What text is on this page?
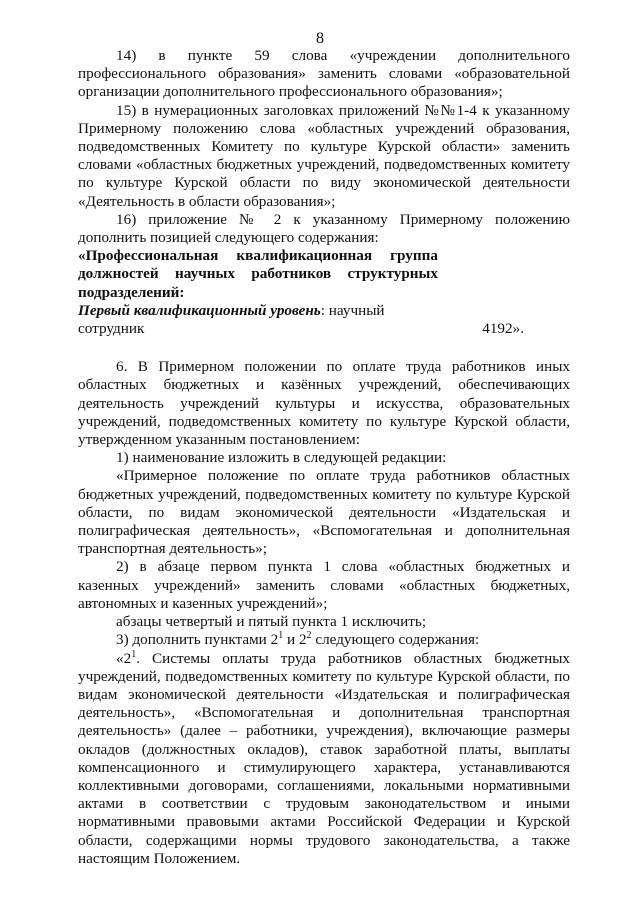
8

14) в пункте 59 слова «учреждении дополнительного профессионального образования» заменить словами «образовательной организации дополнительного профессионального образования»;

15) в нумерационных заголовках приложений №№1-4 к указанному Примерному положению слова «областных учреждений образования, подведомственных Комитету по культуре Курской области» заменить словами «областных бюджетных учреждений, подведомственных комитету по культуре Курской области по виду экономической деятельности «Деятельность в области образования»;

16) приложение № 2 к указанному Примерному положению дополнить позицией следующего содержания:

«Профессиональная квалификационная группа

должностей научных работников структурных

подразделений:

Первый квалификационный уровень: научный

сотрудник	4192».

6. В Примерном положении по оплате труда работников иных областных бюджетных и казённых учреждений, обеспечивающих деятельность учреждений культуры и искусства, образовательных учреждений, подведомственных комитету по культуре Курской области, утвержденном указанным постановлением:

1) наименование изложить в следующей редакции:

«Примерное положение по оплате труда работников областных бюджетных учреждений, подведомственных комитету по культуре Курской области, по видам экономической деятельности «Издательская и полиграфическая деятельность», «Вспомогательная и дополнительная транспортная деятельность»;

2) в абзаце первом пункта 1 слова «областных бюджетных и казенных учреждений» заменить словами «областных бюджетных, автономных и казенных учреждений»;

абзацы четвертый и пятый пункта 1 исключить;

3) дополнить пунктами $2^1$ и $2^2$ следующего содержания:

«$2^1$. Системы оплаты труда работников областных бюджетных учреждений, подведомственных комитету по культуре Курской области, по видам экономической деятельности «Издательская и полиграфическая деятельность», «Вспомогательная и дополнительная транспортная деятельность» (далее – работники, учреждения), включающие размеры окладов (должностных окладов), ставок заработной платы, выплаты компенсационного и стимулирующего характера, устанавливаются коллективными договорами, соглашениями, локальными нормативными актами в соответствии с трудовым законодательством и иными нормативными правовыми актами Российской Федерации и Курской области, содержащими нормы трудового законодательства, а также настоящим Положением.
